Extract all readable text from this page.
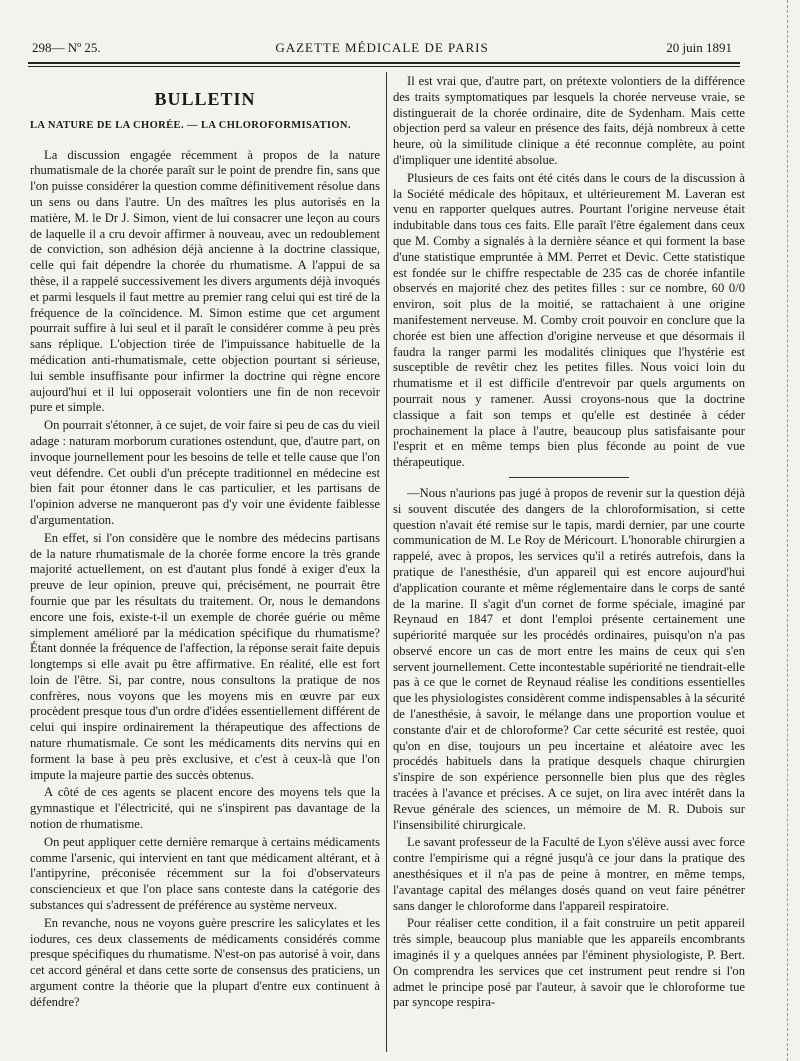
298— Nº 25.	GAZETTE MÉDICALE DE PARIS	20 juin 1891
BULLETIN
LA NATURE DE LA CHORÉE. — LA CHLOROFORMISATION.

La discussion engagée récemment à propos de la nature rhumatismale de la chorée paraît sur le point de prendre fin, sans que l'on puisse considérer la question comme définitivement résolue dans un sens ou dans l'autre. Un des maîtres les plus autorisés en la matière, M. le Dr J. Simon, vient de lui consacrer une leçon au cours de laquelle il a cru devoir affirmer à nouveau, avec un redoublement de conviction, son adhésion déjà ancienne à la doctrine classique, celle qui fait dépendre la chorée du rhumatisme. A l'appui de sa thèse, il a rappelé successivement les divers arguments déjà invoqués et parmi lesquels il faut mettre au premier rang celui qui est tiré de la fréquence de la coïncidence. M. Simon estime que cet argument pourrait suffire à lui seul et il paraît le considérer comme à peu près sans réplique. L'objection tirée de l'impuissance habituelle de la médication anti-rhumatismale, cette objection pourtant si sérieuse, lui semble insuffisante pour infirmer la doctrine qui règne encore aujourd'hui et il lui opposerait volontiers une fin de non recevoir pure et simple.

On pourrait s'étonner, à ce sujet, de voir faire si peu de cas du vieil adage : naturam morborum curationes ostendunt, que, d'autre part, on invoque journellement pour les besoins de telle et telle cause que l'on veut défendre. Cet oubli d'un précepte traditionnel en médecine est bien fait pour étonner dans le cas particulier, et les partisans de l'opinion adverse ne manqueront pas d'y voir une évidente faiblesse d'argumentation.

En effet, si l'on considère que le nombre des médecins partisans de la nature rhumatismale de la chorée forme encore la très grande majorité actuellement, on est d'autant plus fondé à exiger d'eux la preuve de leur opinion, preuve qui, précisément, ne pourrait être fournie que par les résultats du traitement. Or, nous le demandons encore une fois, existe-t-il un exemple de chorée guérie ou même simplement amélioré par la médication spécifique du rhumatisme? Étant donnée la fréquence de l'affection, la réponse serait faite depuis longtemps si elle avait pu être affirmative. En réalité, elle est fort loin de l'être. Si, par contre, nous consultons la pratique de nos confrères, nous voyons que les moyens mis en œuvre par eux procèdent presque tous d'un ordre d'idées essentiellement différent de celui qui inspire ordinairement la thérapeutique des affections de nature rhumatismale. Ce sont les médicaments dits nervins qui en forment la base à peu près exclusive, et c'est à ceux-là que l'on impute la majeure partie des succès obtenus.

A côté de ces agents se placent encore des moyens tels que la gymnastique et l'électricité, qui ne s'inspirent pas davantage de la notion de rhumatisme.

On peut appliquer cette dernière remarque à certains médicaments comme l'arsenic, qui intervient en tant que médicament altérant, et à l'antipyrine, préconisée récemment sur la foi d'observateurs consciencieux et que l'on place sans conteste dans la catégorie des substances qui s'adressent de préférence au système nerveux.

En revanche, nous ne voyons guère prescrire les salicylates et les iodures, ces deux classements de médicaments considérés comme presque spécifiques du rhumatisme. N'est-on pas autorisé à voir, dans cet accord général et dans cette sorte de consensus des praticiens, un argument contre la théorie que la plupart d'entre eux continuent à défendre?

Il est vrai que, d'autre part, on prétexte volontiers de la différence des traits symptomatiques par lesquels la chorée nerveuse vraie, se distinguerait de la chorée ordinaire, dite de Sydenham. Mais cette objection perd sa valeur en présence des faits, déjà nombreux à cette heure, où la similitude clinique a été reconnue complète, au point d'impliquer une identité absolue.

Plusieurs de ces faits ont été cités dans le cours de la discussion à la Société médicale des hôpitaux, et ultérieurement M. Laveran est venu en rapporter quelques autres. Pourtant l'origine nerveuse était indubitable dans tous ces faits. Elle paraît l'être également dans ceux que M. Comby a signalés à la dernière séance et qui forment la base d'une statistique empruntée à MM. Perret et Devic. Cette statistique est fondée sur le chiffre respectable de 235 cas de chorée infantile observés en majorité chez des petites filles : sur ce nombre, 60 0/0 environ, soit plus de la moitié, se rattachaient à une origine manifestement nerveuse. M. Comby croit pouvoir en conclure que la chorée est bien une affection d'origine nerveuse et que désormais il faudra la ranger parmi les modalités cliniques que l'hystérie est susceptible de revêtir chez les petites filles. Nous voici loin du rhumatisme et il est difficile d'entrevoir par quels arguments on pourrait nous y ramener. Aussi croyons-nous que la doctrine classique a fait son temps et qu'elle est destinée à céder prochainement la place à l'autre, beaucoup plus satisfaisante pour l'esprit et en même temps bien plus féconde au point de vue thérapeutique.

—Nous n'aurions pas jugé à propos de revenir sur la question déjà si souvent discutée des dangers de la chloroformisation, si cette question n'avait été remise sur le tapis, mardi dernier, par une courte communication de M. Le Roy de Méricourt. L'honorable chirurgien a rappelé, avec à propos, les services qu'il a retirés autrefois, dans la pratique de l'anesthésie, d'un appareil qui est encore aujourd'hui d'application courante et même réglementaire dans le corps de santé de la marine. Il s'agit d'un cornet de forme spéciale, imaginé par Reynaud en 1847 et dont l'emploi présente certainement une supériorité marquée sur les procédés ordinaires, puisqu'on n'a pas observé encore un cas de mort entre les mains de ceux qui s'en servent journellement. Cette incontestable supériorité ne tiendrait-elle pas à ce que le cornet de Reynaud réalise les conditions essentielles que les physiologistes considèrent comme indispensables à la sécurité de l'anesthésie, à savoir, le mélange dans une proportion voulue et constante d'air et de chloroforme? Car cette sécurité est restée, quoi qu'on en dise, toujours un peu incertaine et aléatoire avec les procédés habituels dans la pratique desquels chaque chirurgien s'inspire de son expérience personnelle bien plus que des règles tracées à l'avance et précises. A ce sujet, on lira avec intérêt dans la Revue générale des sciences, un mémoire de M. R. Dubois sur l'insensibilité chirurgicale.

Le savant professeur de la Faculté de Lyon s'élève aussi avec force contre l'empirisme qui a régné jusqu'à ce jour dans la pratique des anesthésiques et il n'a pas de peine à montrer, en même temps, l'avantage capital des mélanges dosés quand on veut faire pénétrer sans danger le chloroforme dans l'appareil respiratoire.

Pour réaliser cette condition, il a fait construire un petit appareil très simple, beaucoup plus maniable que les appareils encombrants imaginés il y a quelques années par l'éminent physiologiste, P. Bert. On comprendra les services que cet instrument peut rendre si l'on admet le principe posé par l'auteur, à savoir que le chloroforme tue par syncope respira-
